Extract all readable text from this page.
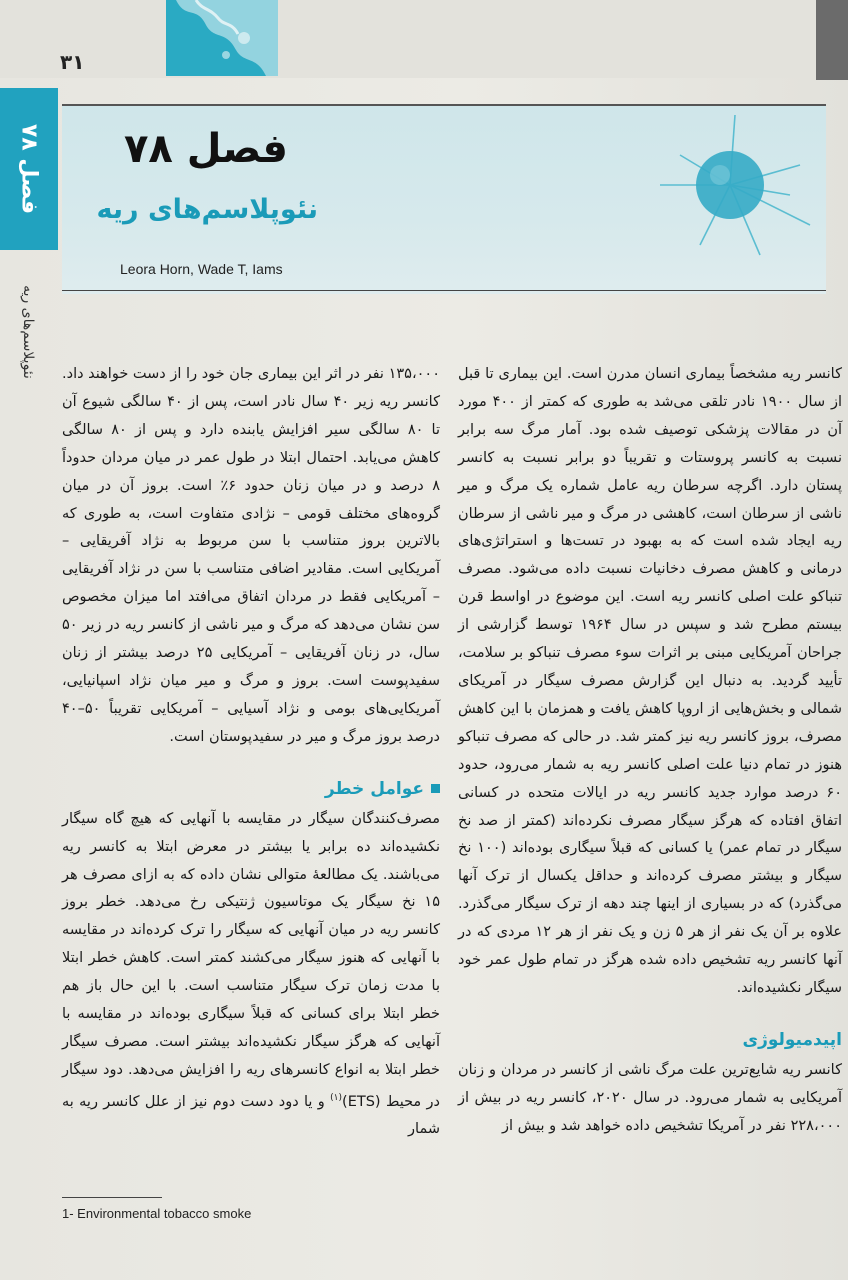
۳۱
فصل ۷۸
نئوپلاسم‌های ریه
فصل ۷۸
نئوپلاسم‌های ریه
Leora Horn, Wade T, Iams

کانسر ریه مشخصاً بیماری انسان مدرن است. این بیماری تا قبل از سال ۱۹۰۰ نادر تلقی می‌شد به طوری که کمتر از ۴۰۰ مورد آن در مقالات پزشکی توصیف شده بود. آمار مرگ سه برابر نسبت به کانسر پروستات و تقریباً دو برابر نسبت به کانسر پستان دارد. اگرچه سرطان ریه عامل شماره یک مرگ و میر ناشی از سرطان است، کاهشی در مرگ و میر ناشی از سرطان ریه ایجاد شده است که به بهبود در تست‌ها و استراتژی‌های درمانی و کاهش مصرف دخانیات نسبت داده می‌شود. مصرف تنباکو علت اصلی کانسر ریه است. این موضوع در اواسط قرن بیستم مطرح شد و سپس در سال ۱۹۶۴ توسط گزارشی از جراحان آمریکایی مبنی بر اثرات سوء مصرف تنباکو بر سلامت، تأیید گردید. به دنبال این گزارش مصرف سیگار در آمریکای شمالی و بخش‌هایی از اروپا کاهش یافت و همزمان با این کاهش مصرف، بروز کانسر ریه نیز کمتر شد. در حالی که مصرف تنباکو هنوز در تمام دنیا علت اصلی کانسر ریه به شمار می‌رود، حدود ۶۰ درصد موارد جدید کانسر ریه در ایالات متحده در کسانی اتفاق افتاده که هرگز سیگار مصرف نکرده‌اند (کمتر از صد نخ سیگار در تمام عمر) یا کسانی که قبلاً سیگاری بوده‌اند (۱۰۰ نخ سیگار و بیشتر مصرف کرده‌اند و حداقل یکسال از ترک آنها می‌گذرد) که در بسیاری از اینها چند دهه از ترک سیگار می‌گذرد. علاوه بر آن یک نفر از هر ۵ زن و یک نفر از هر ۱۲ مردی که در آنها کانسر ریه تشخیص داده شده هرگز در تمام طول عمر خود سیگار نکشیده‌اند.

اپیدمیولوژی

کانسر ریه شایع‌ترین علت مرگ ناشی از کانسر در مردان و زنان آمریکایی به شمار می‌رود. در سال ۲۰۲۰، کانسر ریه در بیش از ۲۲۸،۰۰۰ نفر در آمریکا تشخیص داده خواهد شد و بیش از

۱۳۵،۰۰۰ نفر در اثر این بیماری جان خود را از دست خواهند داد. کانسر ریه زیر ۴۰ سال نادر است، پس از ۴۰ سالگی شیوع آن تا ۸۰ سالگی سیر افزایش یابنده دارد و پس از ۸۰ سالگی کاهش می‌یابد. احتمال ابتلا در طول عمر در میان مردان حدوداً ۸ درصد و در میان زنان حدود ۶٪ است. بروز آن در میان گروه‌های مختلف قومی – نژادی متفاوت است، به طوری که بالاترین بروز متناسب با سن مربوط به نژاد آفریقایی – آمریکایی است. مقادیر اضافی متناسب با سن در نژاد آفریقایی – آمریکایی فقط در مردان اتفاق می‌افتد اما میزان مخصوص سن نشان می‌دهد که مرگ و میر ناشی از کانسر ریه در زیر ۵۰ سال، در زنان آفریقایی – آمریکایی ۲۵ درصد بیشتر از زنان سفیدپوست است. بروز و مرگ و میر میان نژاد اسپانیایی، آمریکایی‌های بومی و نژاد آسیایی – آمریکایی تقریباً ۵۰–۴۰ درصد بروز مرگ و میر در سفیدپوستان است.

عوامل خطر

مصرف‌کنندگان سیگار در مقایسه با آنهایی که هیچ گاه سیگار نکشیده‌اند ده برابر یا بیشتر در معرض ابتلا به کانسر ریه می‌باشند. یک مطالعهٔ متوالی نشان داده که به ازای مصرف هر ۱۵ نخ سیگار یک موتاسیون ژنتیکی رخ می‌دهد. خطر بروز کانسر ریه در میان آنهایی که سیگار را ترک کرده‌اند در مقایسه با آنهایی که هنوز سیگار می‌کشند کمتر است. کاهش خطر ابتلا با مدت زمان ترک سیگار متناسب است. با این حال باز هم خطر ابتلا برای کسانی که قبلاً سیگاری بوده‌اند در مقایسه با آنهایی که هرگز سیگار نکشیده‌اند بیشتر است. مصرف سیگار خطر ابتلا به انواع کانسرهای ریه را افزایش می‌دهد. دود سیگار در محیط (ETS)$^{(۱)}$ و یا دود دست دوم نیز از علل کانسر ریه به شمار

1- Environmental tobacco smoke
